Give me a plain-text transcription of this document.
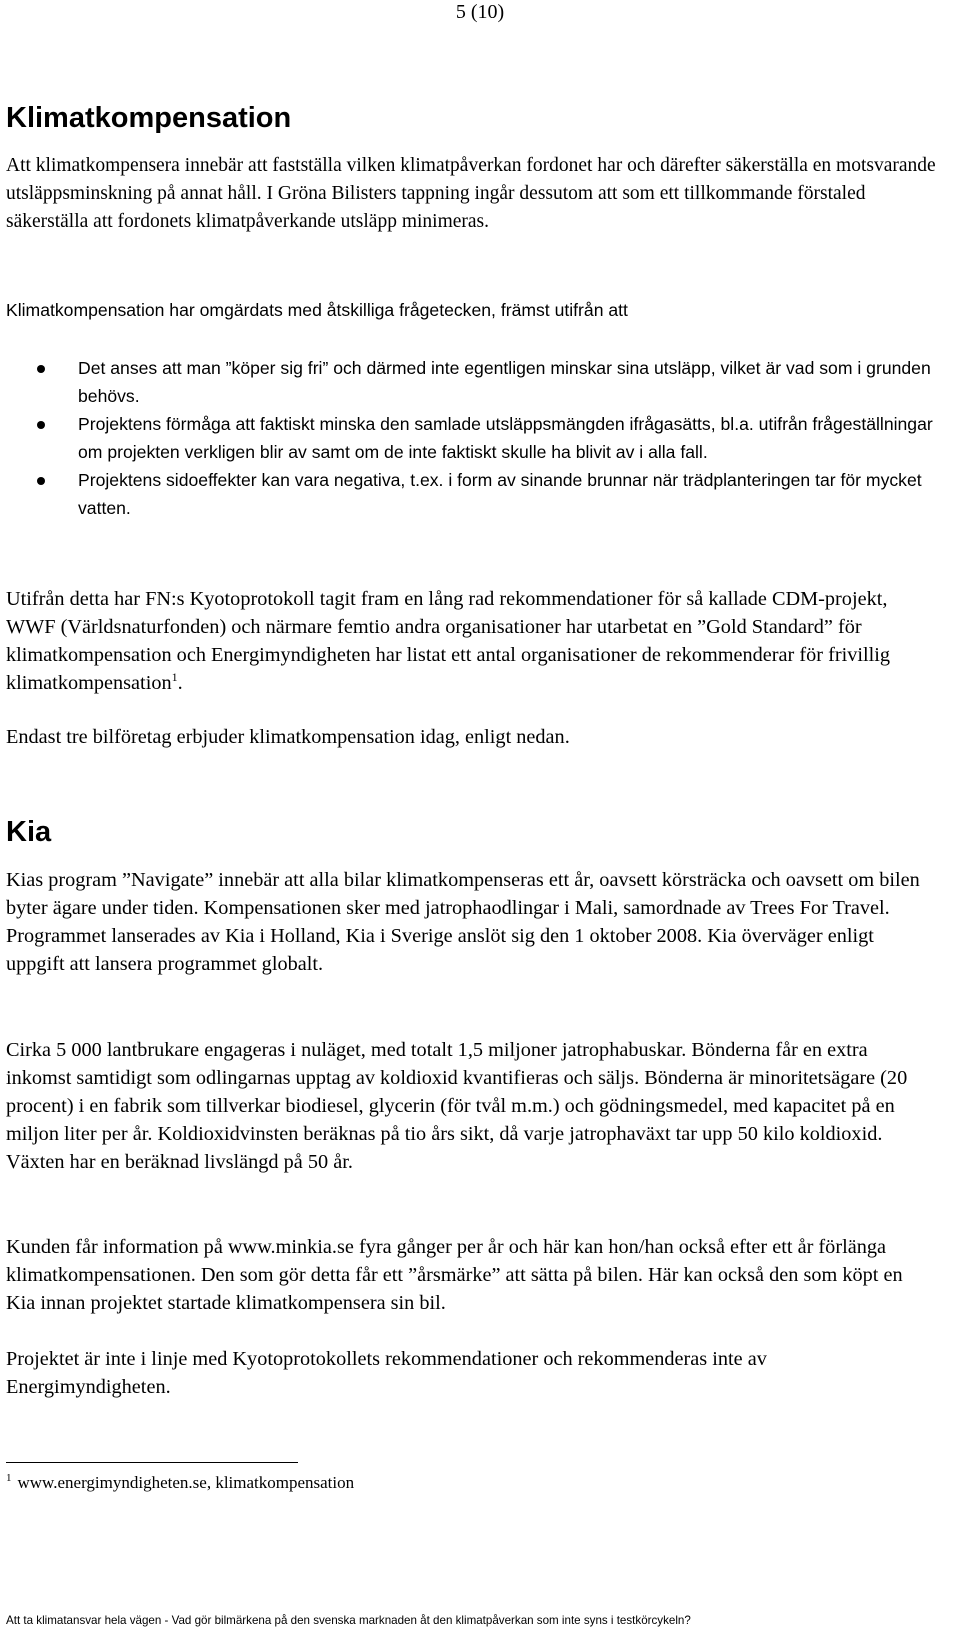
5 (10)
Klimatkompensation

Att klimatkompensera innebär att fastställa vilken klimatpåverkan fordonet har och därefter säkerställa en motsvarande utsläppsminskning på annat håll. I Gröna Bilisters tappning ingår dessutom att som ett tillkommande förstaled säkerställa att fordonets klimatpåverkande utsläpp minimeras.

Klimatkompensation har omgärdats med åtskilliga frågetecken, främst utifrån att

Det anses att man ”köper sig fri” och därmed inte egentligen minskar sina utsläpp, vilket är vad som i grunden behövs.
Projektens förmåga att faktiskt minska den samlade utsläppsmängden ifrågasätts, bl.a. utifrån frågeställningar om projekten verkligen blir av samt om de inte faktiskt skulle ha blivit av i alla fall.
Projektens sidoeffekter kan vara negativa, t.ex. i form av sinande brunnar när trädplanteringen tar för mycket vatten.

Utifrån detta har FN:s Kyotoprotokoll tagit fram en lång rad rekommendationer för så kallade CDM-projekt, WWF (Världsnaturfonden) och närmare femtio andra organisationer har utarbetat en ”Gold Standard” för klimatkompensation och Energimyndigheten har listat ett antal organisationer de rekommenderar för frivillig klimatkompensation$^1$.

Endast tre bilföretag erbjuder klimatkompensation idag, enligt nedan.

Kia

Kias program ”Navigate” innebär att alla bilar klimatkompenseras ett år, oavsett körsträcka och oavsett om bilen byter ägare under tiden. Kompensationen sker med jatrophaodlingar i Mali, samordnade av Trees For Travel. Programmet lanserades av Kia i Holland, Kia i Sverige anslöt sig den 1 oktober 2008. Kia överväger enligt uppgift att lansera programmet globalt.

Cirka 5 000 lantbrukare engageras i nuläget, med totalt 1,5 miljoner jatrophabuskar. Bönderna får en extra inkomst samtidigt som odlingarnas upptag av koldioxid kvantifieras och säljs. Bönderna är minoritetsägare (20 procent) i en fabrik som tillverkar biodiesel, glycerin (för tvål m.m.) och gödningsmedel, med kapacitet på en miljon liter per år. Koldioxidvinsten beräknas på tio års sikt, då varje jatrophaväxt tar upp 50 kilo koldioxid. Växten har en beräknad livslängd på 50 år.

Kunden får information på www.minkia.se fyra gånger per år och här kan hon/han också efter ett år förlänga klimatkompensationen. Den som gör detta får ett ”årsmärke” att sätta på bilen. Här kan också den som köpt en Kia innan projektet startade klimatkompensera sin bil.

Projektet är inte i linje med Kyotoprotokollets rekommendationer och rekommenderas inte av Energimyndigheten.

$^1$ www.energimyndigheten.se, klimatkompensation
Att ta klimatansvar hela vägen - Vad gör bilmärkena på den svenska marknaden åt den klimatpåverkan som inte syns i testkörcykeln?
